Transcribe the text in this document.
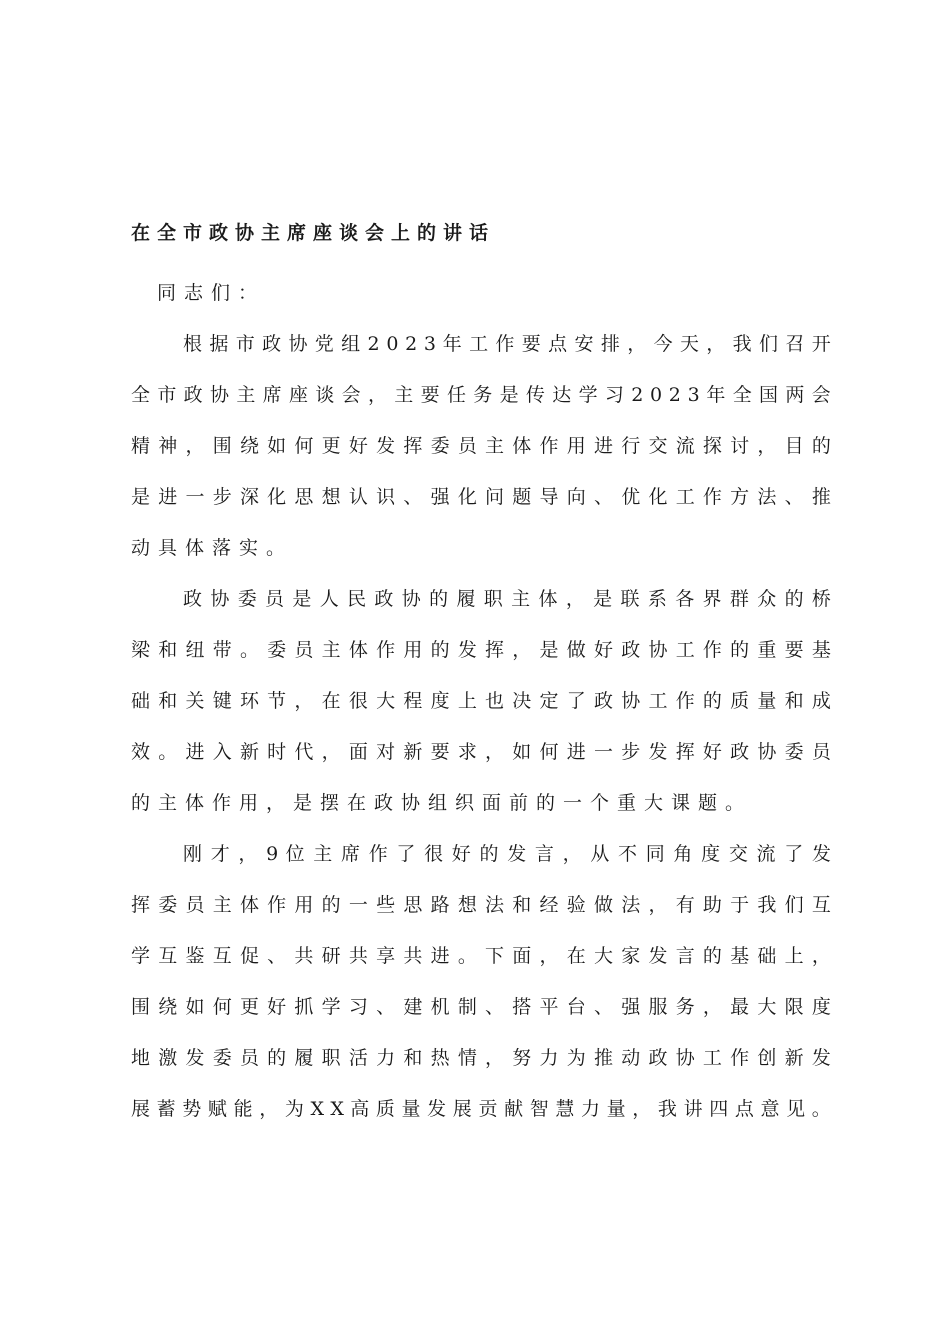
在全市政协主席座谈会上的讲话
同志们：
根 据 市 政 协 党 组 2 0 2 3 年 工 作 要 点 安 排 ， 今 天 ， 我 们 召 开
全 市 政 协 主 席 座 谈 会 ， 主 要 任 务 是 传 达 学 习 2 0 2 3 年 全 国 两 会
精 神 ， 围 绕 如 何 更 好 发 挥 委 员 主 体 作 用 进 行 交 流 探 讨 ， 目 的
是 进 一 步 深 化 思 想 认 识 、 强 化 问 题 导 向 、 优 化 工 作 方 法 、 推
动具体落实。
政 协 委 员 是 人 民 政 协 的 履 职 主 体 ， 是 联 系 各 界 群 众 的 桥
梁 和 纽 带 。 委 员 主 体 作 用 的 发 挥 ， 是 做 好 政 协 工 作 的 重 要 基
础 和 关 键 环 节 ， 在 很 大 程 度 上 也 决 定 了 政 协 工 作 的 质 量 和 成
效 。 进 入 新 时 代 ， 面 对 新 要 求 ， 如 何 进 一 步 发 挥 好 政 协 委 员
的主体作用，是摆在政协组织面前的一个重大课题。
刚 才 ， 9 位 主 席 作 了 很 好 的 发 言 ， 从 不 同 角 度 交 流 了 发
挥 委 员 主 体 作 用 的 一 些 思 路 想 法 和 经 验 做 法 ， 有 助 于 我 们 互
学 互 鉴 互 促 、 共 研 共 享 共 进 。 下 面 ， 在 大 家 发 言 的 基 础 上 ，
围 绕 如 何 更 好 抓 学 习 、 建 机 制 、 搭 平 台 、 强 服 务 ， 最 大 限 度
地 激 发 委 员 的 履 职 活 力 和 热 情 ， 努 力 为 推 动 政 协 工 作 创 新 发
展 蓄 势 赋 能 ， 为 X X 高 质 量 发 展 贡 献 智 慧 力 量 ， 我 讲 四 点 意 见 。
